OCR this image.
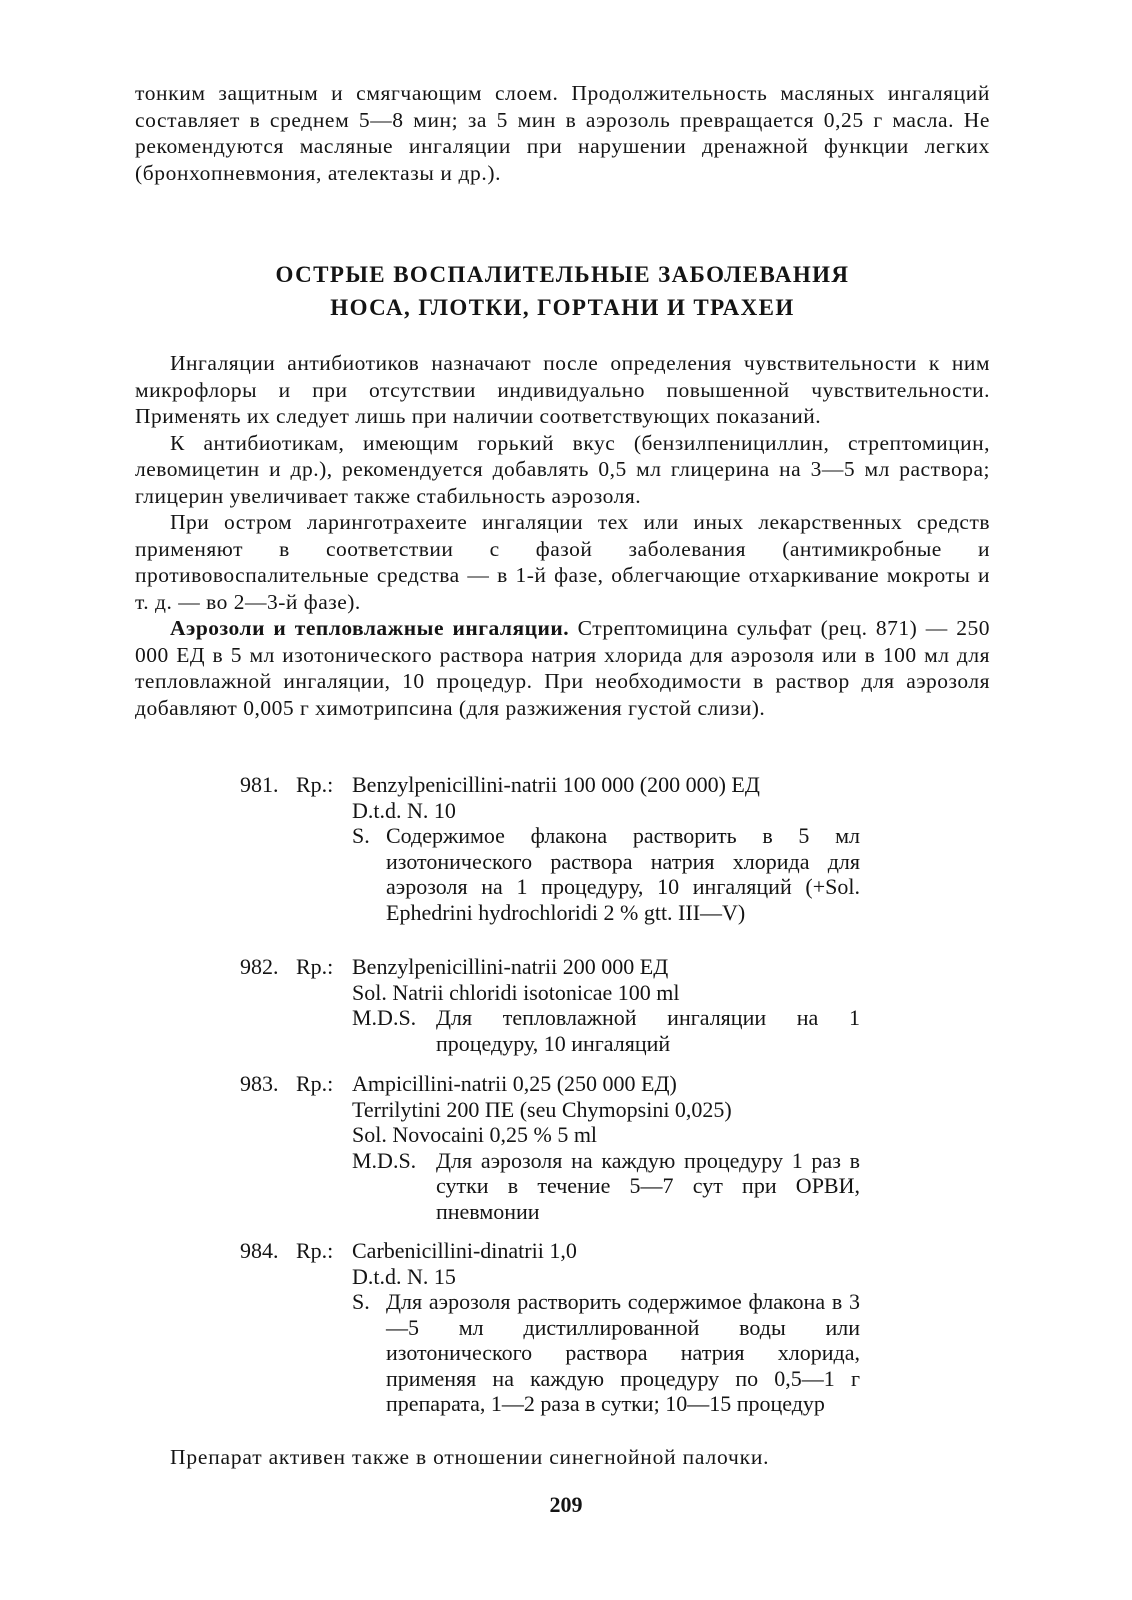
тонким защитным и смягчающим слоем. Продолжительность масляных ингаляций составляет в среднем 5—8 мин; за 5 мин в аэрозоль превращается 0,25 г масла. Не рекомендуются масляные ингаляции при нарушении дренажной функции легких (бронхопневмония, ателектазы и др.).
ОСТРЫЕ ВОСПАЛИТЕЛЬНЫЕ ЗАБОЛЕВАНИЯ
НОСА, ГЛОТКИ, ГОРТАНИ И ТРАХЕИ

Ингаляции антибиотиков назначают после определения чувствительности к ним микрофлоры и при отсутствии индивидуально повышенной чувствительности. Применять их следует лишь при наличии соответствующих показаний.

К антибиотикам, имеющим горький вкус (бензилпенициллин, стрептомицин, левомицетин и др.), рекомендуется добавлять 0,5 мл глицерина на 3—5 мл раствора; глицерин увеличивает также стабильность аэрозоля.

При остром ларинготрахеите ингаляции тех или иных лекарственных средств применяют в соответствии с фазой заболевания (антимикробные и противовоспалительные средства — в 1-й фазе, облегчающие отхаркивание мокроты и т. д. — во 2—3-й фазе).

Аэрозоли и тепловлажные ингаляции. Стрептомицина сульфат (рец. 871) — 250 000 ЕД в 5 мл изотонического раствора натрия хлорида для аэрозоля или в 100 мл для тепловлажной ингаляции, 10 процедур. При необходимости в раствор для аэрозоля добавляют 0,005 г химотрипсина (для разжижения густой слизи).

981. Rp.: Benzylpenicillini-natrii 100 000 (200 000) ЕД
D.t.d. N. 10
S. Содержимое флакона растворить в 5 мл изотонического раствора натрия хлорида для аэрозоля на 1 процедуру, 10 ингаляций (+Sol. Ephedrini hydrochloridi 2 % gtt. III—V)
982. Rp.: Benzylpenicillini-natrii 200 000 ЕД
Sol. Natrii chloridi isotonicae 100 ml
M.D.S. Для тепловлажной ингаляции на 1 процедуру, 10 ингаляций
983. Rp.: Ampicillini-natrii 0,25 (250 000 ЕД)
Terrilytini 200 ПЕ (seu Chymopsini 0,025)
Sol. Novocaini 0,25 % 5 ml
M.D.S. Для аэрозоля на каждую процедуру 1 раз в сутки в течение 5—7 сут при ОРВИ, пневмонии
984. Rp.: Carbenicillini-dinatrii 1,0
D.t.d. N. 15
S. Для аэрозоля растворить содержимое флакона в 3—5 мл дистиллированной воды или изотонического раствора натрия хлорида, применяя на каждую процедуру по 0,5—1 г препарата, 1—2 раза в сутки; 10—15 процедур
Препарат активен также в отношении синегнойной палочки.
209
